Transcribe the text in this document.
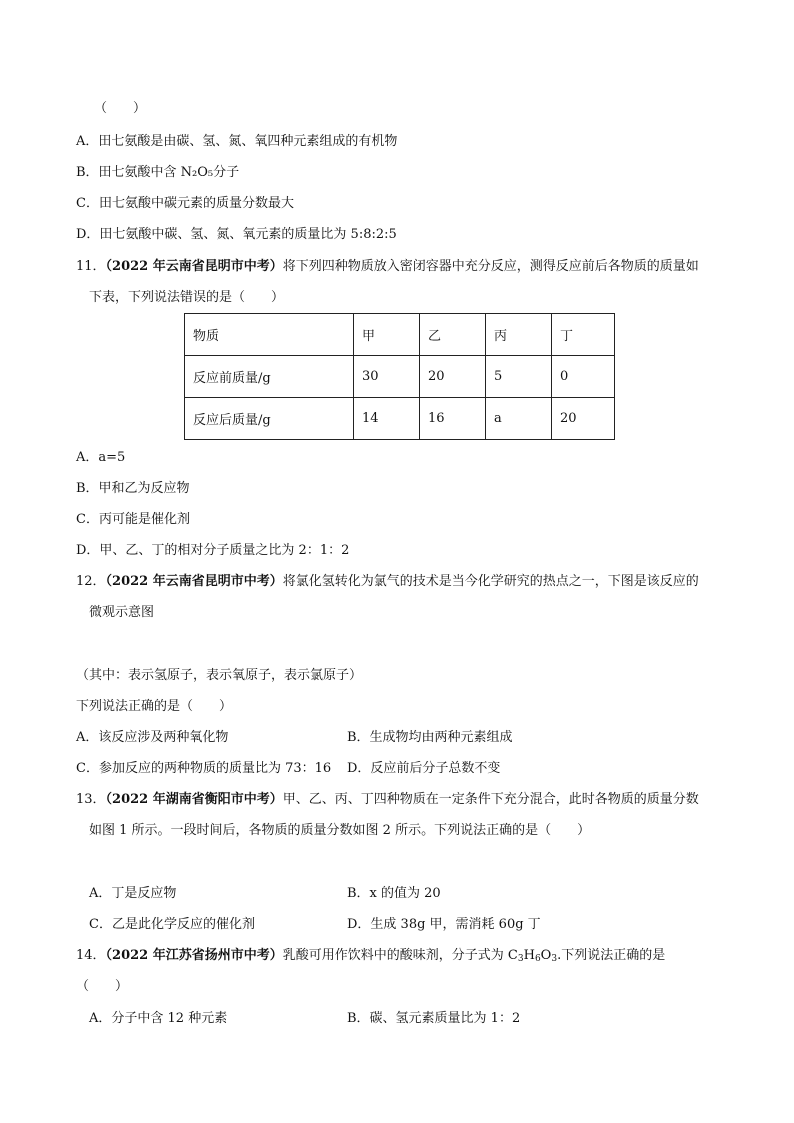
（　　）
A．田七氨酸是由碳、氢、氮、氧四种元素组成的有机物
B．田七氨酸中含 N₂O₅分子
C．田七氨酸中碳元素的质量分数最大
D．田七氨酸中碳、氢、氮、氧元素的质量比为 5:8:2:5
11．（2022 年云南省昆明市中考）将下列四种物质放入密闭容器中充分反应，测得反应前后各物质的质量如
下表，下列说法错误的是（　　）
物质	甲	乙	丙	丁
反应前质量/g	30	20	5	0
反应后质量/g	14	16	a	20
A．a=5
B．甲和乙为反应物
C．丙可能是催化剂
D．甲、乙、丁的相对分子质量之比为 2：1：2
12．（2022 年云南省昆明市中考）将氯化氢转化为氯气的技术是当今化学研究的热点之一，下图是该反应的
微观示意图
（其中：表示氢原子，表示氧原子，表示氯原子）
下列说法正确的是（　　）
A．该反应涉及两种氧化物	B．生成物均由两种元素组成
C．参加反应的两种物质的质量比为 73：16 D．反应前后分子总数不变
13．（2022 年湖南省衡阳市中考）甲、乙、丙、丁四种物质在一定条件下充分混合，此时各物质的质量分数
如图 1 所示。一段时间后，各物质的质量分数如图 2 所示。下列说法正确的是（　　）
A．丁是反应物	B．x 的值为 20
C．乙是此化学反应的催化剂	D．生成 38g 甲，需消耗 60g 丁
14．（2022 年江苏省扬州市中考）乳酸可用作饮料中的酸味剂，分子式为 $C_3H_6O_3$.下列说法正确的是
（　　）
A．分子中含 12 种元素	B．碳、氢元素质量比为 1：2
